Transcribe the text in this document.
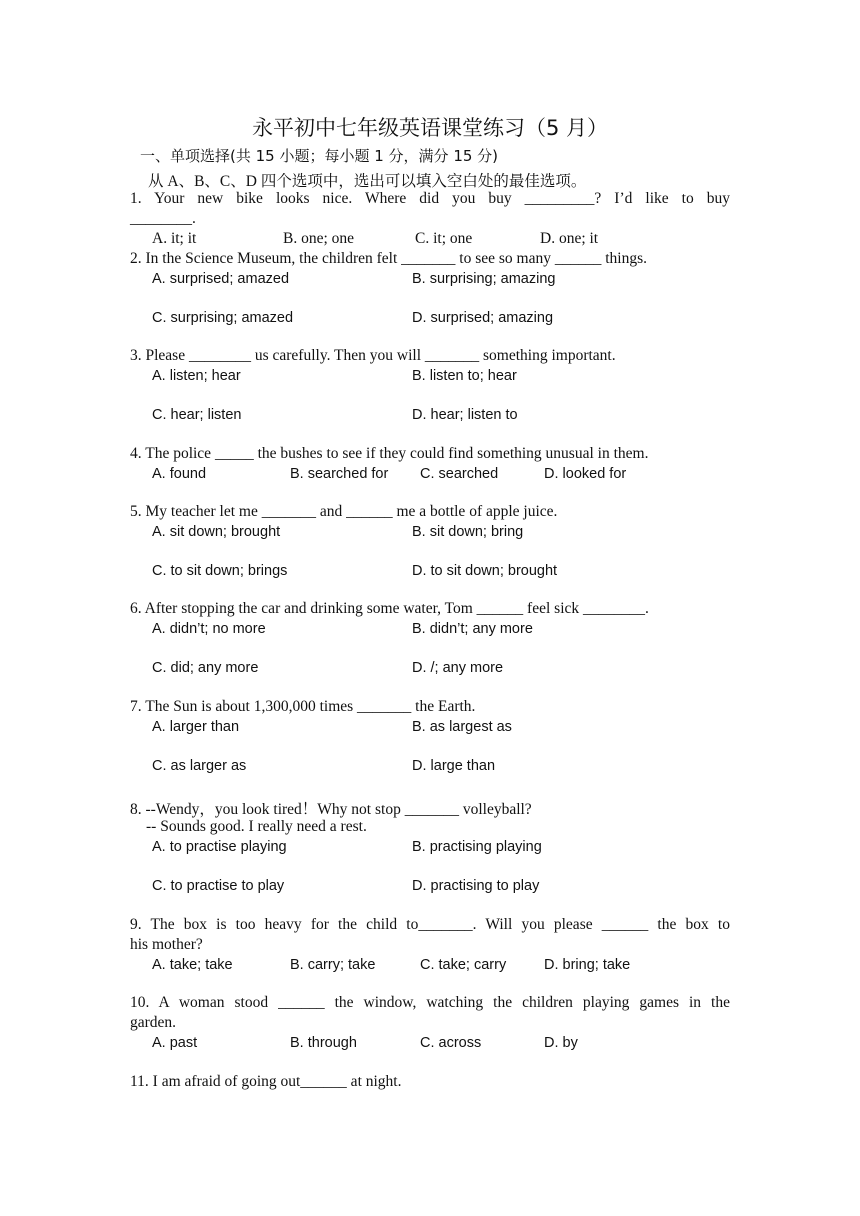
永平初中七年级英语课堂练习（5 月）
一、单项选择(共 15 小题；每小题 1 分，满分 15 分)
从 A、B、C、D 四个选项中，选出可以填入空白处的最佳选项。
1. Your new bike looks nice. Where did you buy _________? I’d like to buy
________.
A. it; it	B. one; one	C. it; one	D. one; it
2. In the Science Museum, the children felt _______ to see so many ______ things.
A. surprised; amazed	B. surprising; amazing
C. surprising; amazed	D. surprised; amazing
3. Please ________ us carefully. Then you will _______ something important.
A. listen; hear	B. listen to; hear
C. hear; listen	D. hear; listen to
4. The police _____ the bushes to see if they could find something unusual in them.
A. found	B. searched for C. searched	D. looked for
5. My teacher let me _______ and ______ me a bottle of apple juice.
A. sit down; brought	B. sit down; bring
C. to sit down; brings	D. to sit down; brought
6. After stopping the car and drinking some water, Tom ______ feel sick ________.
A. didn’t; no more	B. didn’t; any more
C. did; any more	D. /; any more
7. The Sun is about 1,300,000 times _______ the Earth.
A. larger than	B. as largest as
C. as larger as	D. large than
8. --Wendy，you look tired！Why not stop _______ volleyball?
-- Sounds good. I really need a rest.
A. to practise playing	B. practising playing
C. to practise to play	D. practising to play
9. The box is too heavy for the child to_______. Will you please ______ the box to
his mother?
A. take; take	B. carry; take	C. take; carry	D. bring; take
10. A woman stood ______ the window, watching the children playing games in the
garden.
A. past	B. through	C. across	D. by
11. I am afraid of going out______ at night.
